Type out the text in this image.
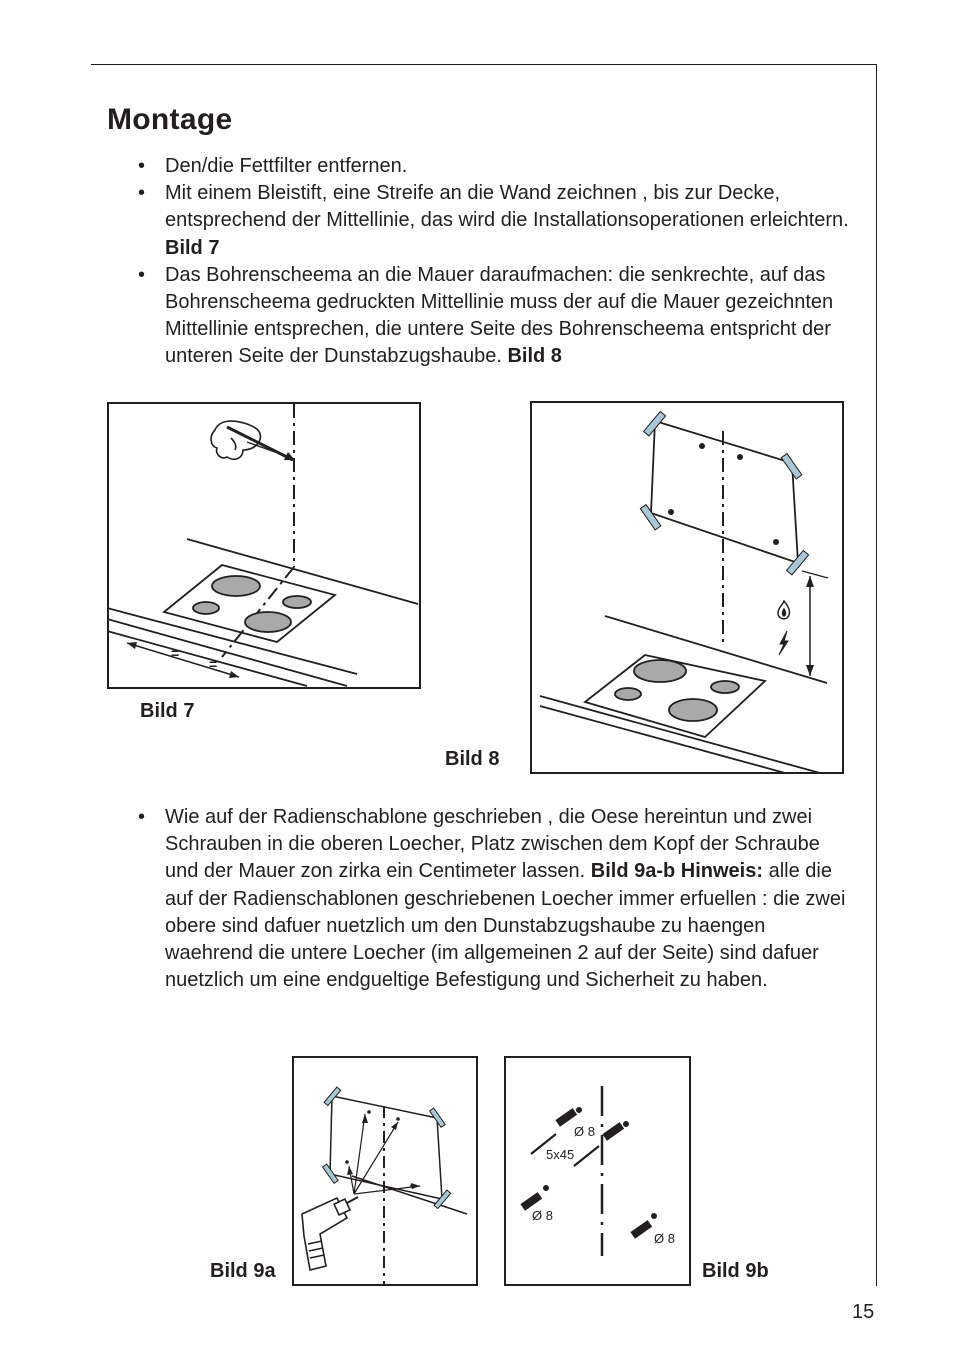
Montage
• Den/die Fettfilter entfernen.
• Mit einem Bleistift, eine Streife an die Wand zeichnen , bis zur Decke, entsprechend der Mittellinie, das wird die Installationsoperationen erleichtern. Bild 7
• Das Bohrenscheema an die Mauer daraufmachen: die senkrechte, auf das Bohrenscheema gedruckten Mittellinie muss der auf die Mauer gezeichnten Mittellinie entsprechen, die untere Seite des Bohrenscheema entspricht der unteren Seite der Dunstabzugshaube. Bild 8
=
=
Bild 7
Bild 8
• Wie auf der Radienschablone geschrieben , die Oese hereintun und zwei Schrauben in die oberen Loecher, Platz zwischen dem Kopf der Schraube und der Mauer zon zirka ein Centimeter lassen. Bild 9a-b Hinweis: alle die auf der Radienschablonen geschriebenen Loecher immer erfuellen : die zwei obere sind dafuer nuetzlich um den Dunstabzugshaube zu haengen waehrend die untere Loecher (im allgemeinen 2 auf der Seite) sind dafuer nuetzlich um eine endgueltige Befestigung und Sicherheit zu haben.
Bild 9a
Ø 8
5x45
Ø 8
Ø 8
Bild 9b
15
